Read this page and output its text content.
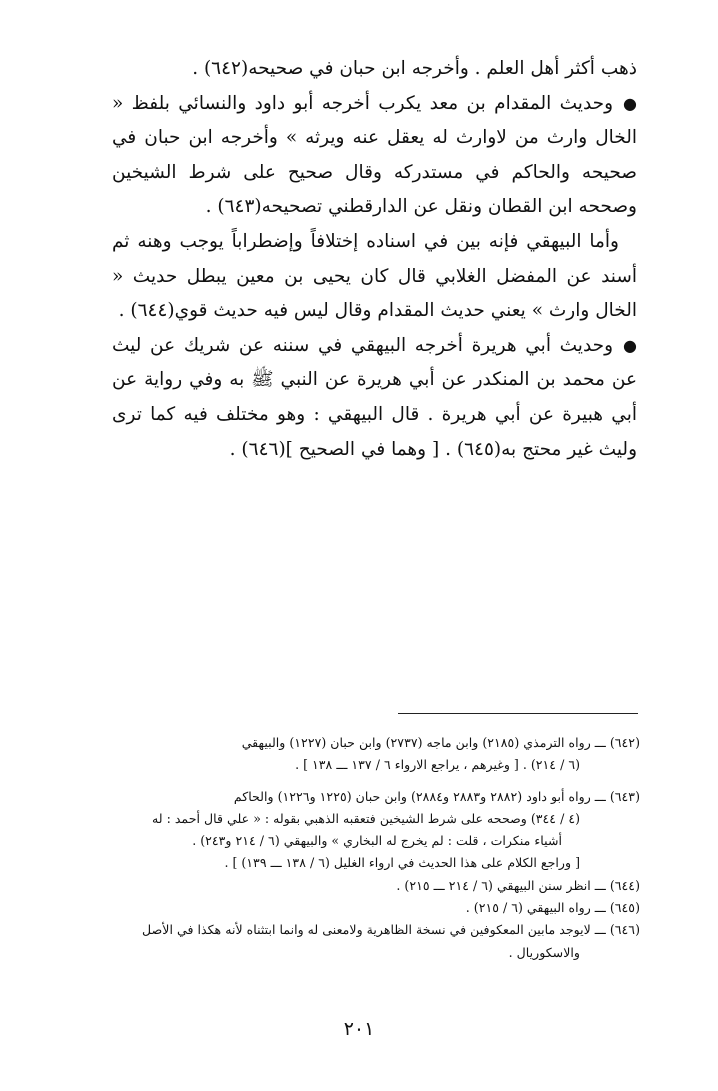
ذهب أكثر أهل العلم . وأخرجه ابن حبان في صحيحه(٦٤٢) .

●وحديث المقدام بن معد يكرب أخرجه أبو داود والنسائي بلفظ « الخال وارث من لاوارث له يعقل عنه ويرثه » وأخرجه ابن حبان في صحيحه والحاكم في مستدركه وقال صحيح على شرط الشيخين وصححه ابن القطان ونقل عن الدارقطني تصحيحه(٦٤٣) .

وأما البيهقي فإنه بين في اسناده إختلافاً وإضطراباً يوجب وهنه ثم أسند عن المفضل الغلابي قال كان يحيى بن معين يبطل حديث « الخال وارث » يعني حديث المقدام وقال ليس فيه حديث قوي(٦٤٤) .

●وحديث أبي هريرة أخرجه البيهقي في سننه عن شريك عن ليث عن محمد بن المنكدر عن أبي هريرة عن النبي ﷺ به وفي رواية عن أبي هبيرة عن أبي هريرة . قال البيهقي : وهو مختلف فيه كما ترى وليث غير محتج به(٦٤٥) . [ وهما في الصحيح ](٦٤٦) .

(٦٤٢) ـــ رواه الترمذي (٢١٨٥) وابن ماجه (٢٧٣٧) وابن حبان (١٢٢٧) والبيهقي
(٦ / ٢١٤) . [ وغيرهم ، يراجع الارواء ٦ / ١٣٧ ـــ ١٣٨ ] .
(٦٤٣) ـــ رواه أبو داود (٢٨٨٢ و٢٨٨٣ و٢٨٨٤) وابن حبان (١٢٢٥ و١٢٢٦) والحاكم
(٤ / ٣٤٤) وصححه على شرط الشيخين فتعقبه الذهبي بقوله : « علي قال أحمد : له
أشياء منكرات ، قلت : لم يخرج له البخاري » والبيهقي (٦ / ٢١٤ و٢٤٣) .
[ وراجع الكلام على هذا الحديث في ارواء الغليل (٦ / ١٣٨ ـــ ١٣٩) ] .
(٦٤٤) ـــ انظر سنن البيهقي (٦ / ٢١٤ ـــ ٢١٥) .
(٦٤٥) ـــ رواه البيهقي (٦ / ٢١٥) .
(٦٤٦) ـــ لايوجد مابين المعكوفين في نسخة الظاهرية ولامعنى له وانما ابتثناه لأنه هكذا في الأصل
والاسكوريال .
٢٠١
